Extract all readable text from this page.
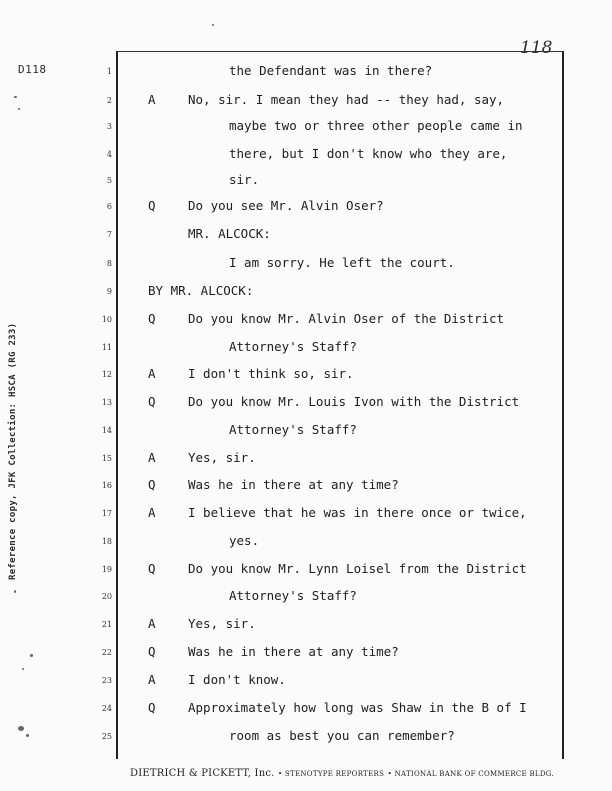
D118
118
Reference copy, JFK Collection: HSCA (RG 233)
1	the Defendant was in there?
2	A	No, sir. I mean they had -- they had, say,
3	maybe two or three other people came in
4	there, but I don't know who they are,
5	sir.
6	Q	Do you see Mr. Alvin Oser?
7	MR. ALCOCK:
8	I am sorry. He left the court.
9	BY MR. ALCOCK:
10	Q	Do you know Mr. Alvin Oser of the District
11	Attorney's Staff?
12	A	I don't think so, sir.
13	Q	Do you know Mr. Louis Ivon with the District
14	Attorney's Staff?
15	A	Yes, sir.
16	Q	Was he in there at any time?
17	A	I believe that he was in there once or twice,
18	yes.
19	Q	Do you know Mr. Lynn Loisel from the District
20	Attorney's Staff?
21	A	Yes, sir.
22	Q	Was he in there at any time?
23	A	I don't know.
24	Q	Approximately how long was Shaw in the B of I
25	room as best you can remember?
DIETRICH & PICKETT, Inc. • STENOTYPE REPORTERS • NATIONAL BANK OF COMMERCE BLDG.
